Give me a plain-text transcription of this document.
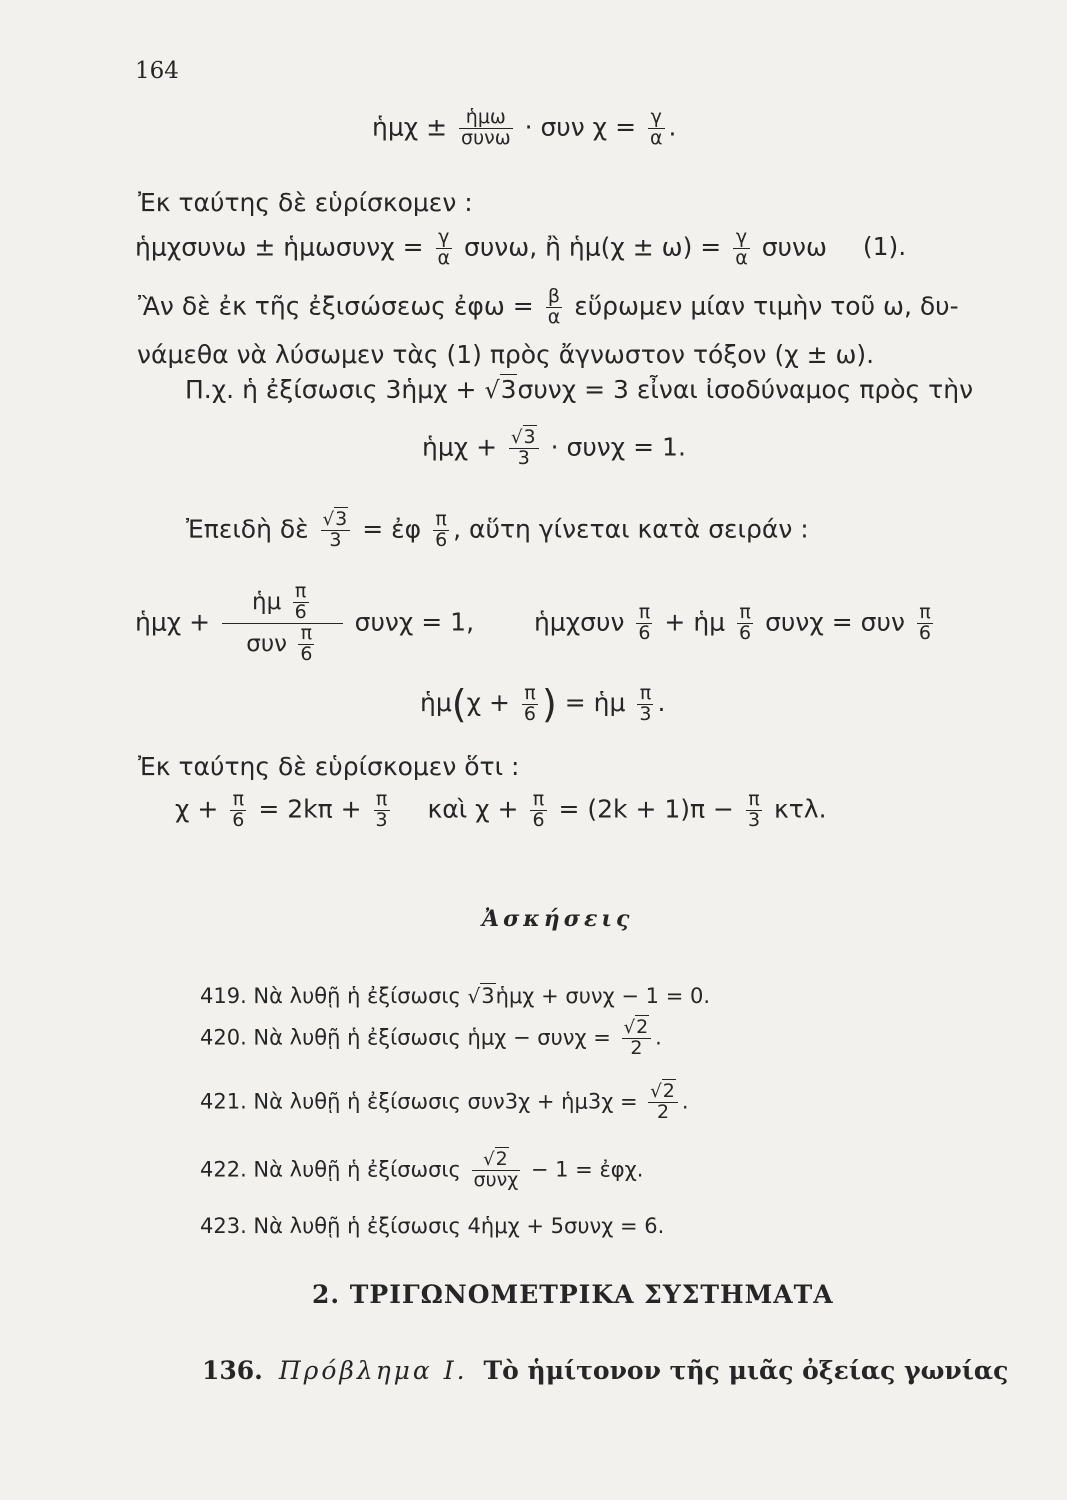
164
ἡμχ ± $\frac{\text{ἡμω}}{\text{συνω}} \cdot \sigma\upsilon\nu$ $\chi = \frac{\gamma}{\alpha}$ .
Ἐκ ταύτης δὲ εὑρίσκομεν :
ἡμχσυνω ± ἡμωσυνχ = $\frac{\gamma}{\alpha} \sigma\upsilon\nu\omega$, ἢ ἡμ(χ ± $\omega) = \frac{\gamma}{\alpha}$ συνω (1).
Ἂν δὲ ἐκ τῆς ἐξισώσεως ἐφω = $\frac{\beta}{\alpha}$ εὕρωμεν μίαν τιμὴν τοῦ ω, δυ-
νάμεθα νὰ λύσωμεν τὰς (1) πρὸς ἄγνωστον τόξον (χ ± ω).
Π.χ. ἡ ἐξίσωσις 3ἡμχ + √3συνχ = 3 εἶναι ἰσοδύναμος πρὸς τὴν
ἡμχ + $\frac{√3}{3} \cdot \sigma\upsilon\nu\chi = 1$.
Ἐπειδὴ δὲ $\frac{√3}{3}$ = ἐφ $\frac{\pi}{6}$ , αὕτη γίνεται κατὰ σειράν :
ἡμχ + $\frac{ἡ\mu \frac{\pi}{6}}{\sigma\upsilon\nu \frac{\pi}{6}}$ συνχ = 1, ἡμχσυν $\frac{\pi}{6}$ + ἡμ $\frac{\pi}{6}$ συνχ = συν $\frac{\pi}{6}$
ἡμ(χ + $\frac{\pi}{6}$ ) = ἡμ $\frac{\pi}{3}$ .
Ἐκ ταύτης δὲ εὑρίσκομεν ὅτι :
$\chi + \frac{\pi}{6} = 2k\pi + \frac{\pi}{3}$ καὶ $\chi + \frac{\pi}{6} = (2k + 1)\pi - \frac{\pi}{3} \kappa\tau\lambda$.
Ἀσκήσεις
419. Νὰ λυθῇ ἡ ἐξίσωσις √3ἡμχ + συνχ − 1 = 0.
420. Νὰ λυθῇ ἡ ἐξίσωσις ἡμχ − $\sigma\upsilon\nu\chi = \frac{√2}{2}$ .
421. Νὰ λυθῇ ἡ ἐξίσωσις συν3χ + ἡμ3χ = $\frac{√2}{2}$ .
422. Νὰ λυθῇ ἡ ἐξίσωσις $\frac{√2}{\text{συνχ}} - 1$ = ἐφχ.
423. Νὰ λυθῇ ἡ ἐξίσωσις 4ἡμχ + 5συνχ = 6.
2. ΤΡΙΓΩΝΟΜΕΤΡΙΚΑ ΣΥΣΤΗΜΑΤΑ
136. Πρόβλημα I. Τὸ ἡμίτονον τῆς μιᾶς ὀξείας γωνίας
